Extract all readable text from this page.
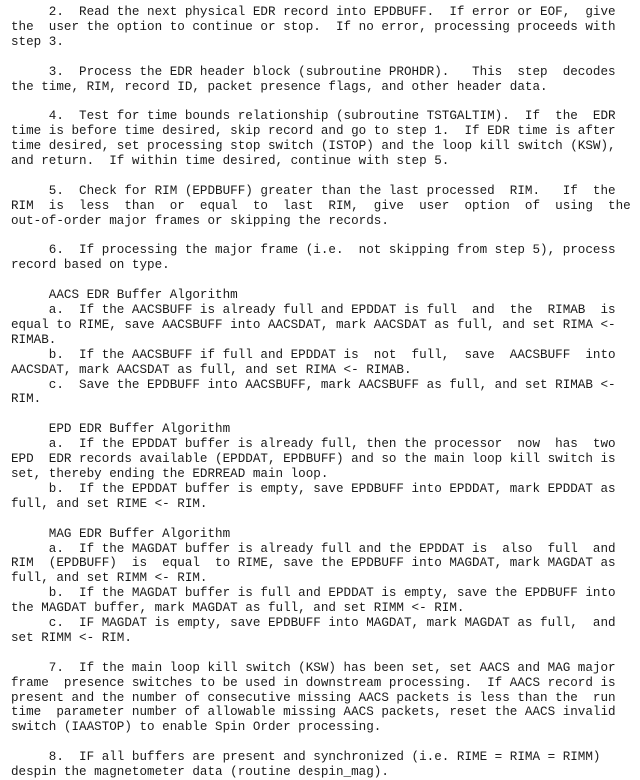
2.  Read the next physical EDR record into EPDBUFF.  If error or EOF,  give
the  user the option to continue or stop.  If no error, processing proceeds with
step 3.
3.  Process the EDR header block (subroutine PROHDR).   This  step  decodes
the time, RIM, record ID, packet presence flags, and other header data.
4.  Test for time bounds relationship (subroutine TSTGALTIM).  If  the  EDR
time is before time desired, skip record and go to step 1.  If EDR time is after
time desired, set processing stop switch (ISTOP) and the loop kill switch (KSW),
and return.  If within time desired, continue with step 5.
5.  Check for RIM (EPDBUFF) greater than the last processed  RIM.   If  the
RIM  is  less  than  or  equal  to  last  RIM,  give  user  option  of  using  the
out-of-order major frames or skipping the records.
6.  If processing the major frame (i.e.  not skipping from step 5), process
record based on type.
AACS EDR Buffer Algorithm
a.  If the AACSBUFF is already full and EPDDAT is full  and  the  RIMAB  is
equal to RIME, save AACSBUFF into AACSDAT, mark AACSDAT as full, and set RIMA <-
RIMAB.
b.  If the AACSBUFF if full and EPDDAT is  not  full,  save  AACSBUFF  into
AACSDAT, mark AACSDAT as full, and set RIMA <- RIMAB.
c.  Save the EPDBUFF into AACSBUFF, mark AACSBUFF as full, and set RIMAB <-
RIM.
EPD EDR Buffer Algorithm
a.  If the EPDDAT buffer is already full, then the processor  now  has  two
EPD  EDR records available (EPDDAT, EPDBUFF) and so the main loop kill switch is
set, thereby ending the EDRREAD main loop.
b.  If the EPDDAT buffer is empty, save EPDBUFF into EPDDAT, mark EPDDAT as
full, and set RIME <- RIM.
MAG EDR Buffer Algorithm
a.  If the MAGDAT buffer is already full and the EPDDAT is  also  full  and
RIM  (EPDBUFF)  is  equal  to RIME, save the EPDBUFF into MAGDAT, mark MAGDAT as
full, and set RIMM <- RIM.
b.  If the MAGDAT buffer is full and EPDDAT is empty, save the EPDBUFF into
the MAGDAT buffer, mark MAGDAT as full, and set RIMM <- RIM.
c.  IF MAGDAT is empty, save EPDBUFF into MAGDAT, mark MAGDAT as full,  and
set RIMM <- RIM.
7.  If the main loop kill switch (KSW) has been set, set AACS and MAG major
frame  presence switches to be used in downstream processing.  If AACS record is
present and the number of consecutive missing AACS packets is less than the  run
time  parameter number of allowable missing AACS packets, reset the AACS invalid
switch (IAASTOP) to enable Spin Order processing.
8.  IF all buffers are present and synchronized (i.e. RIME = RIMA = RIMM)
despin the magnetometer data (routine despin_mag).
